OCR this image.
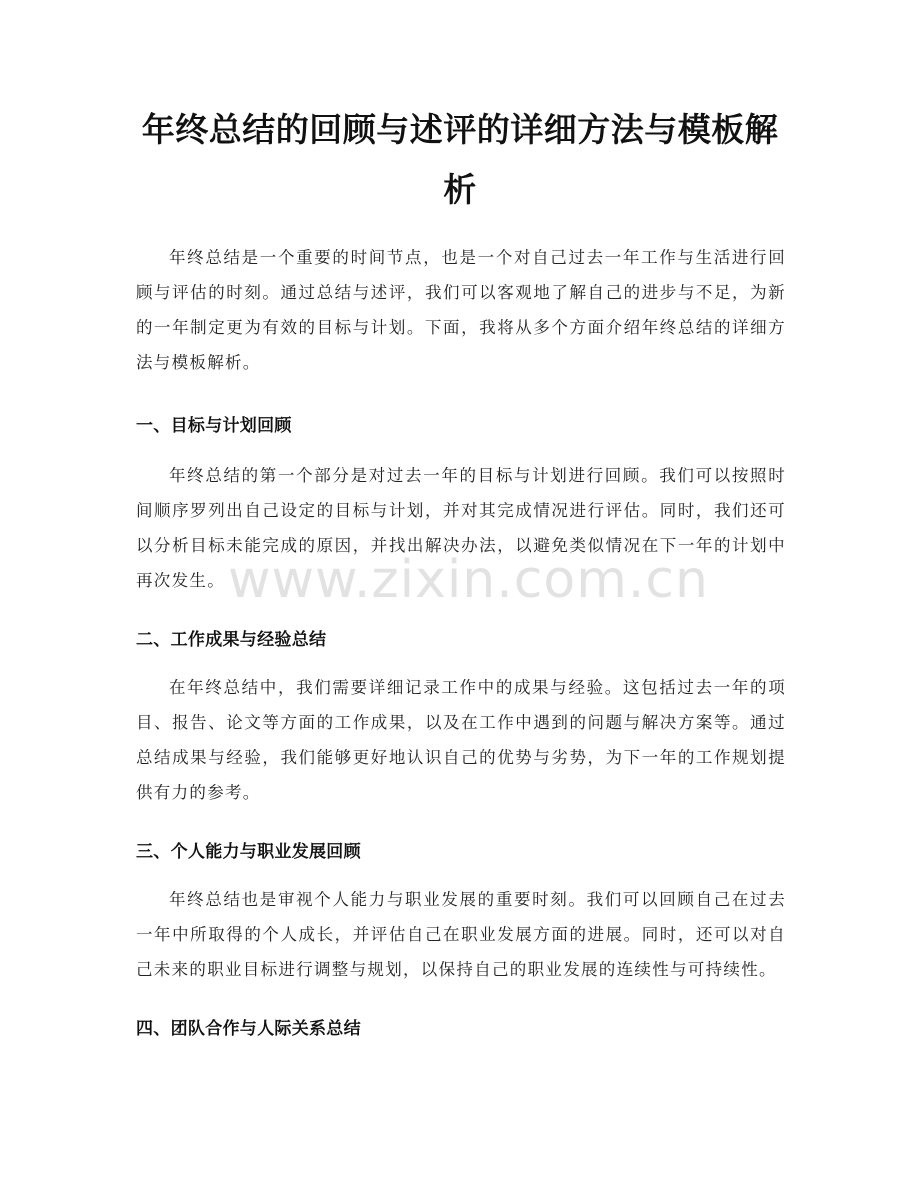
年终总结的回顾与述评的详细方法与模板解析

年终总结是一个重要的时间节点，也是一个对自己过去一年工作与生活进行回顾与评估的时刻。通过总结与述评，我们可以客观地了解自己的进步与不足，为新的一年制定更为有效的目标与计划。下面，我将从多个方面介绍年终总结的详细方法与模板解析。

一、目标与计划回顾

年终总结的第一个部分是对过去一年的目标与计划进行回顾。我们可以按照时间顺序罗列出自己设定的目标与计划，并对其完成情况进行评估。同时，我们还可以分析目标未能完成的原因，并找出解决办法，以避免类似情况在下一年的计划中再次发生。

二、工作成果与经验总结

在年终总结中，我们需要详细记录工作中的成果与经验。这包括过去一年的项目、报告、论文等方面的工作成果，以及在工作中遇到的问题与解决方案等。通过总结成果与经验，我们能够更好地认识自己的优势与劣势，为下一年的工作规划提供有力的参考。

三、个人能力与职业发展回顾

年终总结也是审视个人能力与职业发展的重要时刻。我们可以回顾自己在过去一年中所取得的个人成长，并评估自己在职业发展方面的进展。同时，还可以对自己未来的职业目标进行调整与规划，以保持自己的职业发展的连续性与可持续性。

四、团队合作与人际关系总结
www.zixin.com.cn
